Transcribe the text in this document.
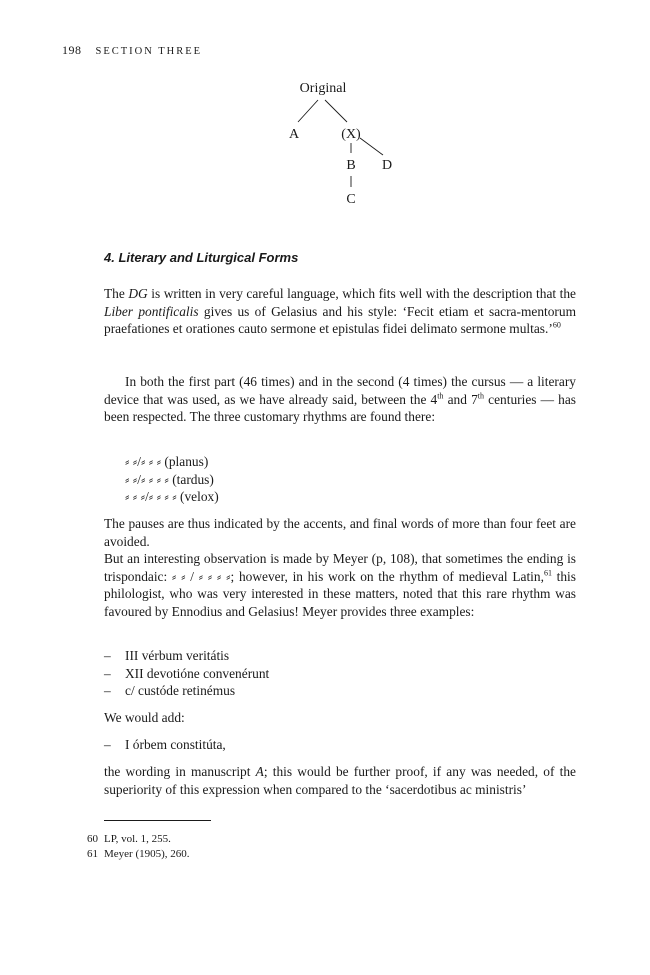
198 SECTION THREE
Original
A	(X)
B D
C
4. Literary and Liturgical Forms

The DG is written in very careful language, which fits well with the description that the Liber pontificalis gives us of Gelasius and his style: ‘Fecit etiam et sacra-mentorum praefationes et orationes cauto sermone et epistulas fidei delimato sermone multas.’$^{60}$

In both the first part (46 times) and in the second (4 times) the cursus — a literary device that was used, as we have already said, between the 4th and 7th centuries — has been respected. The three customary rhythms are found there:

⸗ ⸗/⸗ ⸗ ⸗ (planus)
⸗ ⸗/⸗ ⸗ ⸗ ⸗ (tardus)
⸗ ⸗ ⸗/⸗ ⸗ ⸗ ⸗ (velox)

The pauses are thus indicated by the accents, and final words of more than four feet are avoided.

But an interesting observation is made by Meyer (p, 108), that sometimes the ending is trispondaic: ⸗ ⸗ / ⸗ ⸗ ⸗ ⸗; however, in his work on the rhythm of medieval Latin,$^{61}$ this philologist, who was very interested in these matters, noted that this rare rhythm was favoured by Ennodius and Gelasius! Meyer provides three examples:

–	III vérbum veritátis
–	XII devotióne convenérunt
–	c/ custóde retinémus

We would add:

–	I órbem constitúta,

the wording in manuscript A; this would be further proof, if any was needed, of the superiority of this expression when compared to the ‘sacerdotibus ac ministris’

60 LP, vol. 1, 255.
61 Meyer (1905), 260.
